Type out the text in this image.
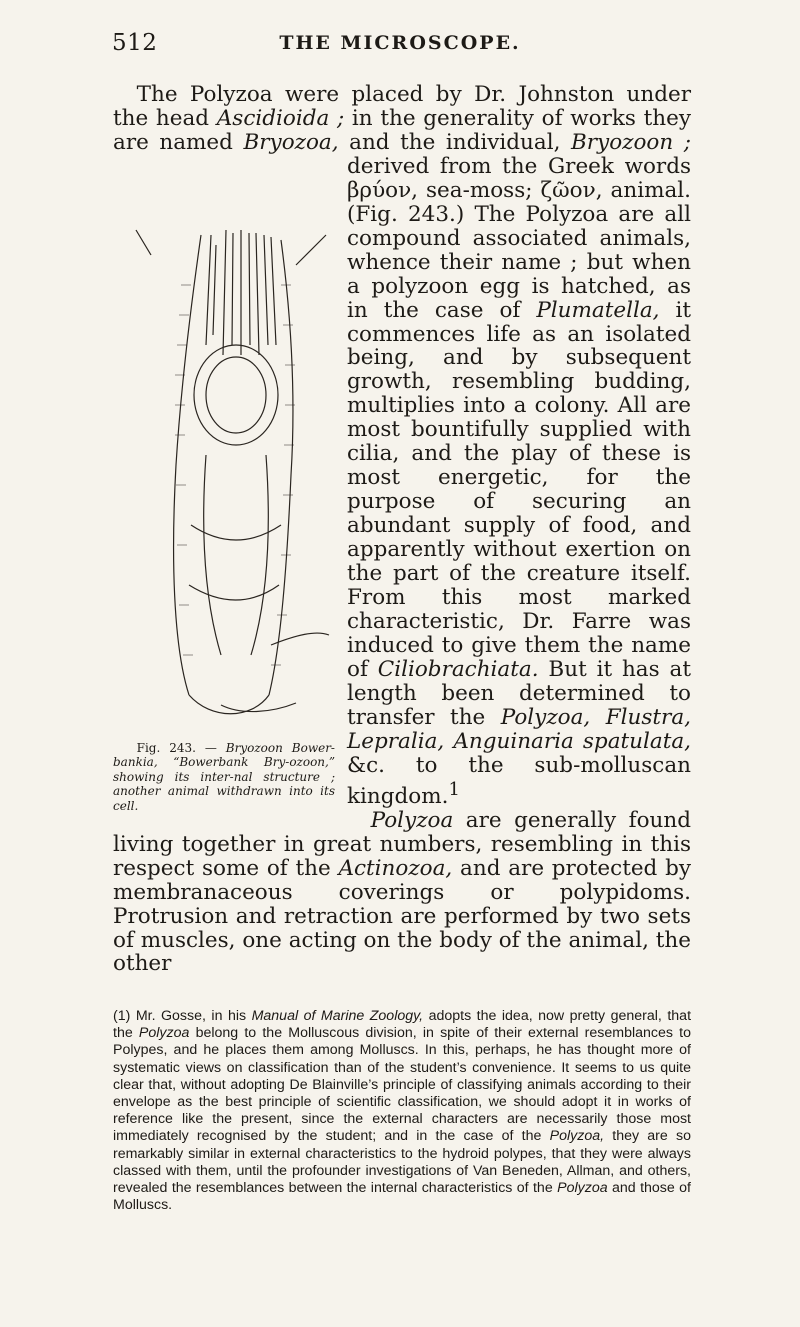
512	THE MICROSCOPE.

The Polyzoa were placed by Dr. Johnston under the head Ascidioida ; in the generality of works they are named Bryozoa, and the individual, Bryozoon ;
Fig. 243. — Bryozoon Bower-bankia, “Bowerbank Bry-ozoon,” showing its inter-nal structure ; another animal withdrawn into its cell.
derived from the Greek words βρύον, sea-moss; ζῶον, animal. (Fig. 243.) The Polyzoa are all compound associated animals, whence their name ; but when a polyzoon egg is hatched, as in the case of Plumatella, it commences life as an isolated being, and by subsequent growth, resembling budding, multiplies into a colony. All are most bountifully supplied with cilia, and the play of these is most energetic, for the purpose of securing an abundant supply of food, and apparently without exertion on the part of the creature itself. From this most marked characteristic, Dr. Farre was induced to give them the name of Ciliobrachiata. But it has at length been determined to transfer the Polyzoa, Flustra, Lepralia, Anguinaria spatulata, &c. to the sub-molluscan kingdom.$^1$

Polyzoa are generally found living together in great numbers, resembling in this respect some of the Actinozoa, and are protected by membranaceous coverings or polypidoms. Protrusion and retraction are performed by two sets of muscles, one acting on the body of the animal, the other

(1) Mr. Gosse, in his Manual of Marine Zoology, adopts the idea, now pretty general, that the Polyzoa belong to the Molluscous division, in spite of their external resemblances to Polypes, and he places them among Molluscs. In this, perhaps, he has thought more of systematic views on classification than of the student’s convenience. It seems to us quite clear that, without adopting De Blainville’s principle of classifying animals according to their envelope as the best principle of scientific classification, we should adopt it in works of reference like the present, since the external characters are necessarily those most immediately recognised by the student; and in the case of the Polyzoa, they are so remarkably similar in external characteristics to the hydroid polypes, that they were always classed with them, until the profounder investigations of Van Beneden, Allman, and others, revealed the resemblances between the internal characteristics of the Polyzoa and those of Molluscs.
